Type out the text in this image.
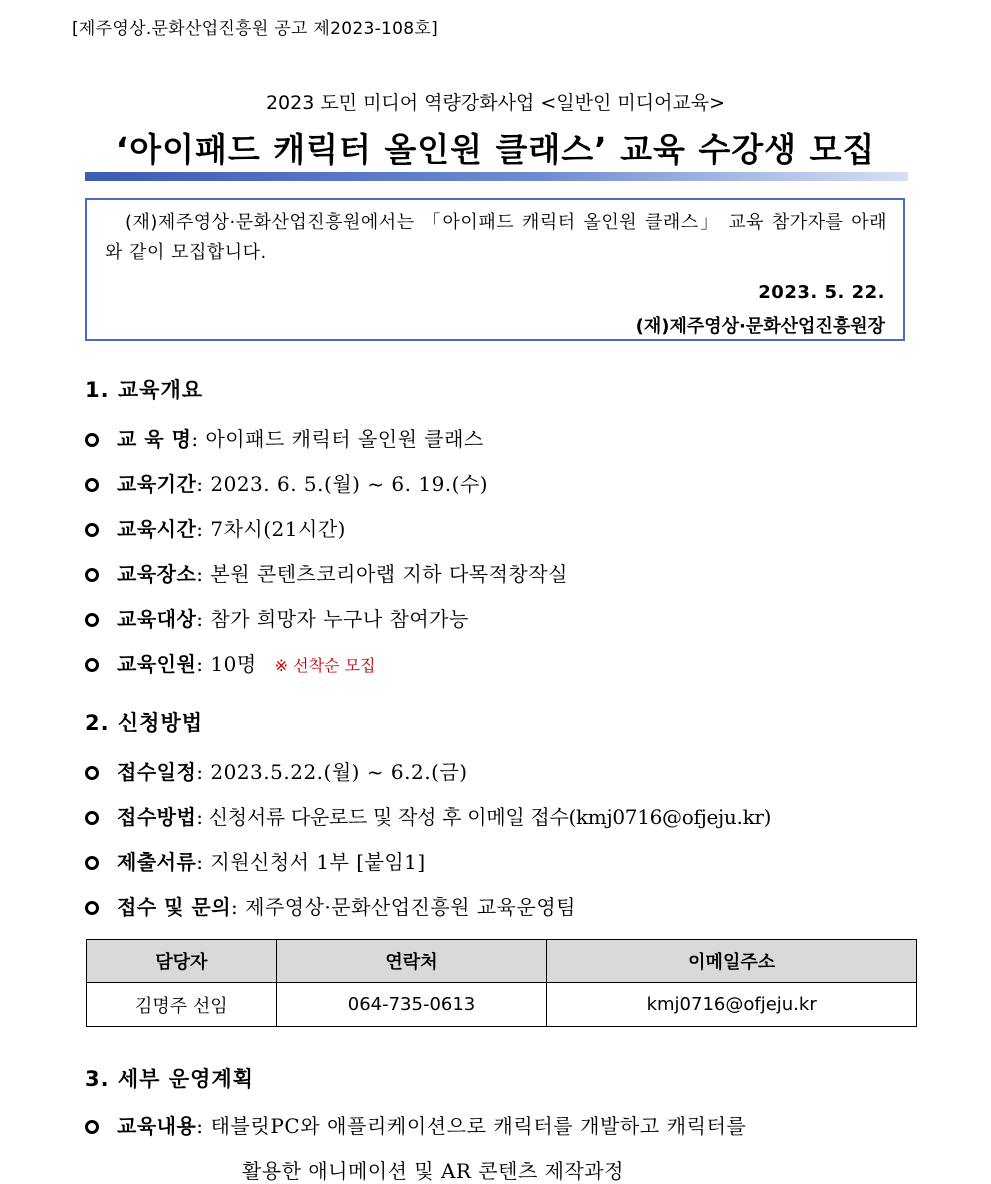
[제주영상.문화산업진흥원 공고 제2023-108호]
2023 도민 미디어 역량강화사업 <일반인 미디어교육>
‘아이패드 캐릭터 올인원 클래스’ 교육 수강생 모집
(재)제주영상·문화산업진흥원에서는 「아이패드 캐릭터 올인원 클래스」 교육 참가자를 아래와 같이 모집합니다.
2023. 5. 22.
(재)제주영상·문화산업진흥원장
1. 교육개요
교 육 명: 아이패드 캐릭터 올인원 클래스
교육기간: 2023. 6. 5.(월) ~ 6. 19.(수)
교육시간: 7차시(21시간)
교육장소: 본원 콘텐츠코리아랩 지하 다목적창작실
교육대상: 참가 희망자 누구나 참여가능
교육인원: 10명 ※ 선착순 모집
2. 신청방법
접수일정: 2023.5.22.(월) ~ 6.2.(금)
접수방법: 신청서류 다운로드 및 작성 후 이메일 접수(kmj0716@ofjeju.kr)
제출서류: 지원신청서 1부 [붙임1]
접수 및 문의: 제주영상·문화산업진흥원 교육운영팀
담당자	연락처	이메일주소
김명주 선임	064-735-0613	kmj0716@ofjeju.kr
3. 세부 운영계획
교육내용: 태블릿PC와 애플리케이션으로 캐릭터를 개발하고 캐릭터를
활용한 애니메이션 및 AR 콘텐츠 제작과정
